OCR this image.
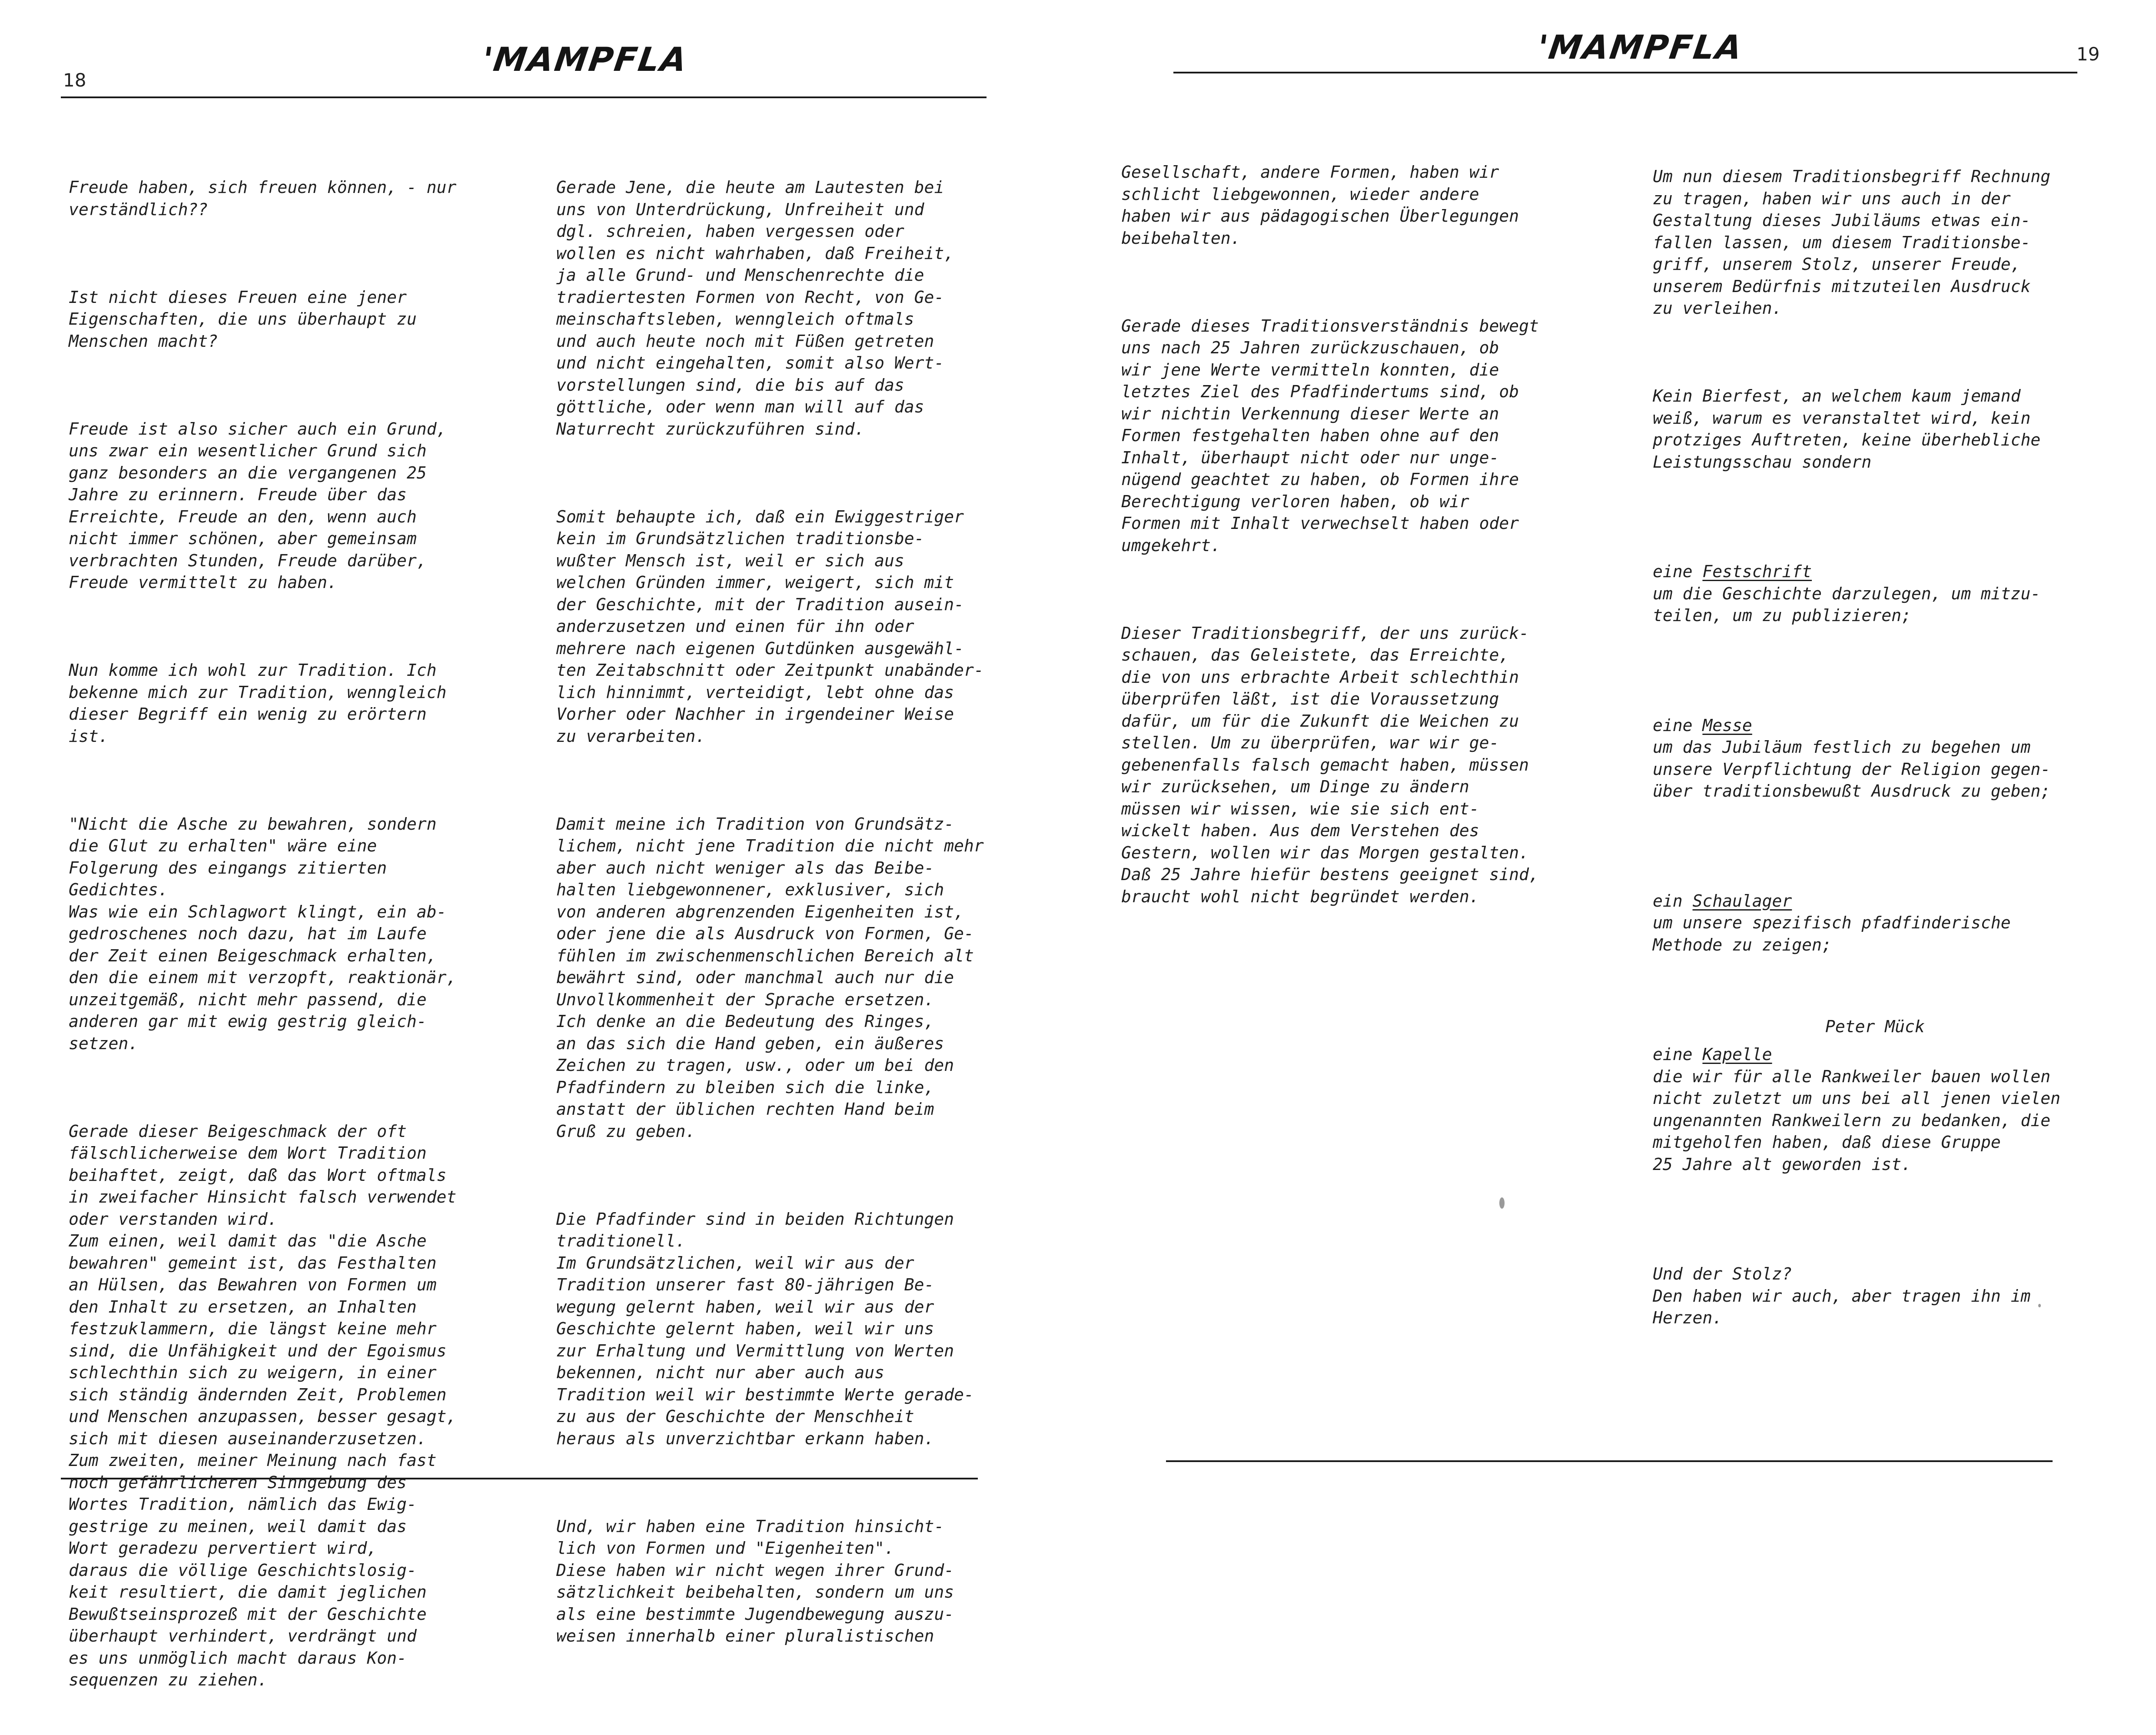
18
'MAMPFLA

Freude haben, sich freuen können, - nur
verständlich??

Ist nicht dieses Freuen eine jener
Eigenschaften, die uns überhaupt zu
Menschen macht?

Freude ist also sicher auch ein Grund,
uns zwar ein wesentlicher Grund sich
ganz besonders an die vergangenen 25
Jahre zu erinnern. Freude über das
Erreichte, Freude an den, wenn auch
nicht immer schönen, aber gemeinsam
verbrachten Stunden, Freude darüber,
Freude vermittelt zu haben.

Nun komme ich wohl zur Tradition. Ich
bekenne mich zur Tradition, wenngleich
dieser Begriff ein wenig zu erörtern
ist.

"Nicht die Asche zu bewahren, sondern
die Glut zu erhalten" wäre eine
Folgerung des eingangs zitierten
Gedichtes.
Was wie ein Schlagwort klingt, ein ab-
gedroschenes noch dazu, hat im Laufe
der Zeit einen Beigeschmack erhalten,
den die einem mit verzopft, reaktionär,
unzeitgemäß, nicht mehr passend, die
anderen gar mit ewig gestrig gleich-
setzen.

Gerade dieser Beigeschmack der oft
fälschlicherweise dem Wort Tradition
beihaftet, zeigt, daß das Wort oftmals
in zweifacher Hinsicht falsch verwendet
oder verstanden wird.
Zum einen, weil damit das "die Asche
bewahren" gemeint ist, das Festhalten
an Hülsen, das Bewahren von Formen um
den Inhalt zu ersetzen, an Inhalten
festzuklammern, die längst keine mehr
sind, die Unfähigkeit und der Egoismus
schlechthin sich zu weigern, in einer
sich ständig ändernden Zeit, Problemen
und Menschen anzupassen, besser gesagt,
sich mit diesen auseinanderzusetzen.
Zum zweiten, meiner Meinung nach fast
noch gefährlicheren Sinngebung des
Wortes Tradition, nämlich das Ewig-
gestrige zu meinen, weil damit das
Wort geradezu pervertiert wird,
daraus die völlige Geschichtslosig-
keit resultiert, die damit jeglichen
Bewußtseinsprozeß mit der Geschichte
überhaupt verhindert, verdrängt und
es uns unmöglich macht daraus Kon-
sequenzen zu ziehen.

Gerade Jene, die heute am Lautesten bei
uns von Unterdrückung, Unfreiheit und
dgl. schreien, haben vergessen oder
wollen es nicht wahrhaben, daß Freiheit,
ja alle Grund- und Menschenrechte die
tradiertesten Formen von Recht, von Ge-
meinschaftsleben, wenngleich oftmals
und auch heute noch mit Füßen getreten
und nicht eingehalten, somit also Wert-
vorstellungen sind, die bis auf das
göttliche, oder wenn man will auf das
Naturrecht zurückzuführen sind.

Somit behaupte ich, daß ein Ewiggestriger
kein im Grundsätzlichen traditionsbe-
wußter Mensch ist, weil er sich aus
welchen Gründen immer, weigert, sich mit
der Geschichte, mit der Tradition ausein-
anderzusetzen und einen für ihn oder
mehrere nach eigenen Gutdünken ausgewähl-
ten Zeitabschnitt oder Zeitpunkt unabänder-
lich hinnimmt, verteidigt, lebt ohne das
Vorher oder Nachher in irgendeiner Weise
zu verarbeiten.

Damit meine ich Tradition von Grundsätz-
lichem, nicht jene Tradition die nicht mehr
aber auch nicht weniger als das Beibe-
halten liebgewonnener, exklusiver, sich
von anderen abgrenzenden Eigenheiten ist,
oder jene die als Ausdruck von Formen, Ge-
fühlen im zwischenmenschlichen Bereich alt
bewährt sind, oder manchmal auch nur die
Unvollkommenheit der Sprache ersetzen.
Ich denke an die Bedeutung des Ringes,
an das sich die Hand geben, ein äußeres
Zeichen zu tragen, usw., oder um bei den
Pfadfindern zu bleiben sich die linke,
anstatt der üblichen rechten Hand beim
Gruß zu geben.

Die Pfadfinder sind in beiden Richtungen
traditionell.
Im Grundsätzlichen, weil wir aus der
Tradition unserer fast 80-jährigen Be-
wegung gelernt haben, weil wir aus der
Geschichte gelernt haben, weil wir uns
zur Erhaltung und Vermittlung von Werten
bekennen, nicht nur aber auch aus
Tradition weil wir bestimmte Werte gerade-
zu aus der Geschichte der Menschheit
heraus als unverzichtbar erkann haben.

Und, wir haben eine Tradition hinsicht-
lich von Formen und "Eigenheiten".
Diese haben wir nicht wegen ihrer Grund-
sätzlichkeit beibehalten, sondern um uns
als eine bestimmte Jugendbewegung auszu-
weisen innerhalb einer pluralistischen

'MAMPFLA	19

Gesellschaft, andere Formen, haben wir
schlicht liebgewonnen, wieder andere
haben wir aus pädagogischen Überlegungen
beibehalten.

Gerade dieses Traditionsverständnis bewegt
uns nach 25 Jahren zurückzuschauen, ob
wir jene Werte vermitteln konnten, die
letztes Ziel des Pfadfindertums sind, ob
wir nichtin Verkennung dieser Werte an
Formen festgehalten haben ohne auf den
Inhalt, überhaupt nicht oder nur unge-
nügend geachtet zu haben, ob Formen ihre
Berechtigung verloren haben, ob wir
Formen mit Inhalt verwechselt haben oder
umgekehrt.

Dieser Traditionsbegriff, der uns zurück-
schauen, das Geleistete, das Erreichte,
die von uns erbrachte Arbeit schlechthin
überprüfen läßt, ist die Voraussetzung
dafür, um für die Zukunft die Weichen zu
stellen. Um zu überprüfen, war wir ge-
gebenenfalls falsch gemacht haben, müssen
wir zurücksehen, um Dinge zu ändern
müssen wir wissen, wie sie sich ent-
wickelt haben. Aus dem Verstehen des
Gestern, wollen wir das Morgen gestalten.
Daß 25 Jahre hiefür bestens geeignet sind,
braucht wohl nicht begründet werden.

Um nun diesem Traditionsbegriff Rechnung
zu tragen, haben wir uns auch in der
Gestaltung dieses Jubiläums etwas ein-
fallen lassen, um diesem Traditionsbe-
griff, unserem Stolz, unserer Freude,
unserem Bedürfnis mitzuteilen Ausdruck
zu verleihen.

Kein Bierfest, an welchem kaum jemand
weiß, warum es veranstaltet wird, kein
protziges Auftreten, keine überhebliche
Leistungsschau sondern

eine Festschrift
um die Geschichte darzulegen, um mitzu-
teilen, um zu publizieren;

eine Messe
um das Jubiläum festlich zu begehen um
unsere Verpflichtung der Religion gegen-
über traditionsbewußt Ausdruck zu geben;

ein Schaulager
um unsere spezifisch pfadfinderische
Methode zu zeigen;

eine Kapelle
die wir für alle Rankweiler bauen wollen
nicht zuletzt um uns bei all jenen vielen
ungenannten Rankweilern zu bedanken, die
mitgeholfen haben, daß diese Gruppe
25 Jahre alt geworden ist.

Und der Stolz?
Den haben wir auch, aber tragen ihn im
Herzen.

Peter Mück
